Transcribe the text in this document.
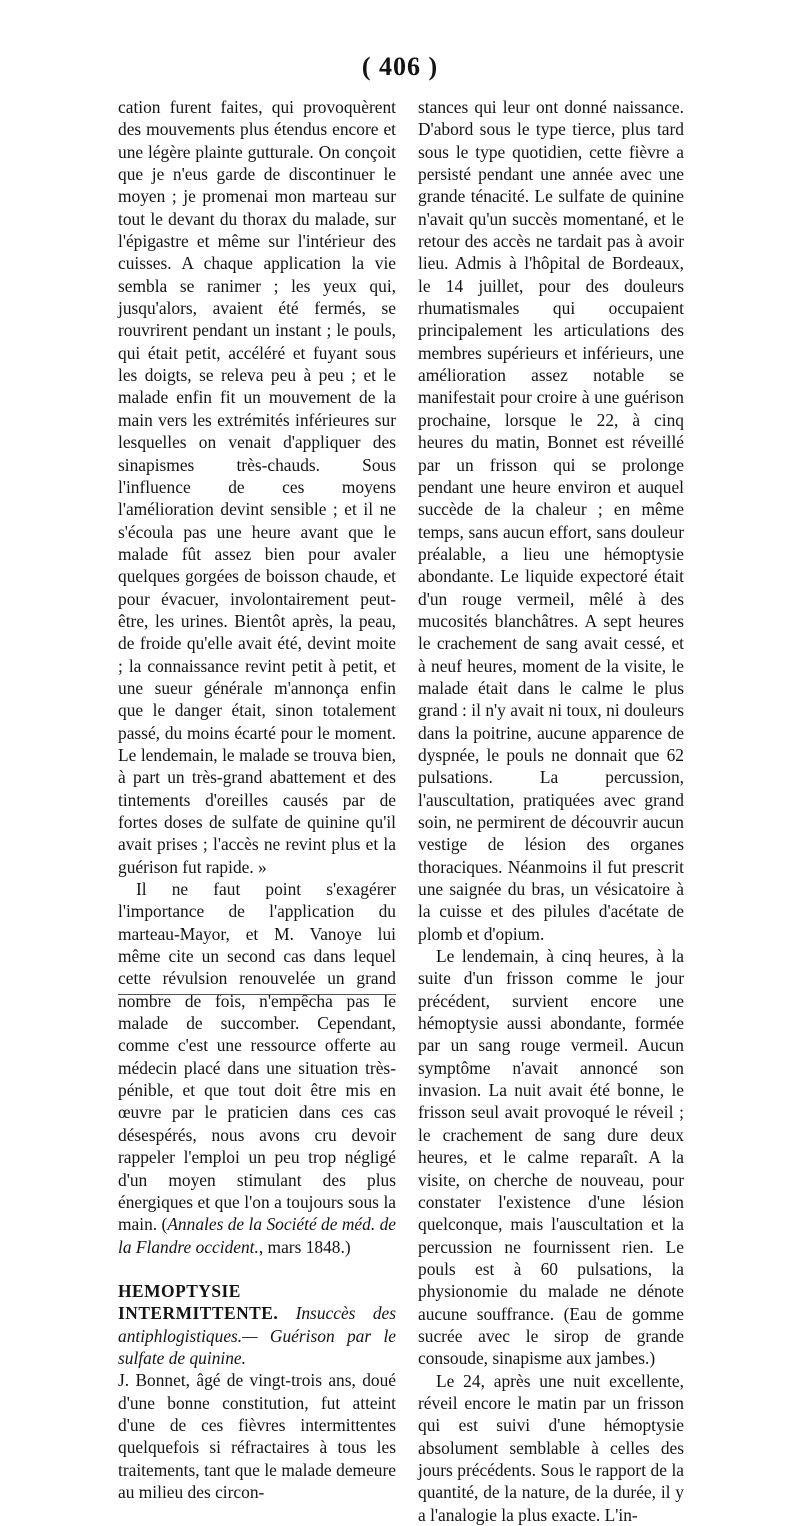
( 406 )

cation furent faites, qui provoquèrent des mouvements plus étendus encore et une légère plainte gutturale. On conçoit que je n'eus garde de discontinuer le moyen ; je promenai mon marteau sur tout le devant du thorax du malade, sur l'épigastre et même sur l'intérieur des cuisses. A chaque application la vie sembla se ranimer ; les yeux qui, jusqu'alors, avaient été fermés, se rouvrirent pendant un instant ; le pouls, qui était petit, accéléré et fuyant sous les doigts, se releva peu à peu ; et le malade enfin fit un mouvement de la main vers les extrémités inférieures sur lesquelles on venait d'appliquer des sinapismes très-chauds. Sous l'influence de ces moyens l'amélioration devint sensible ; et il ne s'écoula pas une heure avant que le malade fût assez bien pour avaler quelques gorgées de boisson chaude, et pour évacuer, involontairement peut-être, les urines. Bientôt après, la peau, de froide qu'elle avait été, devint moite ; la connaissance revint petit à petit, et une sueur générale m'annonça enfin que le danger était, sinon totalement passé, du moins écarté pour le moment. Le lendemain, le malade se trouva bien, à part un très-grand abattement et des tintements d'oreilles causés par de fortes doses de sulfate de quinine qu'il avait prises ; l'accès ne revint plus et la guérison fut rapide. »

Il ne faut point s'exagérer l'importance de l'application du marteau-Mayor, et M. Vanoye lui même cite un second cas dans lequel cette révulsion renouvelée un grand nombre de fois, n'empêcha pas le malade de succomber. Cependant, comme c'est une ressource offerte au médecin placé dans une situation très-pénible, et que tout doit être mis en œuvre par le praticien dans ces cas désespérés, nous avons cru devoir rappeler l'emploi un peu trop négligé d'un moyen stimulant des plus énergiques et que l'on a toujours sous la main. (Annales de la Société de méd. de la Flandre occident., mars 1848.)

HEMOPTYSIE INTERMITTENTE. Insuccès des antiphlogistiques.— Guérison par le sulfate de quinine.

J. Bonnet, âgé de vingt-trois ans, doué d'une bonne constitution, fut atteint d'une de ces fièvres intermittentes quelquefois si réfractaires à tous les traitements, tant que le malade demeure au milieu des circon-

stances qui leur ont donné naissance. D'abord sous le type tierce, plus tard sous le type quotidien, cette fièvre a persisté pendant une année avec une grande ténacité. Le sulfate de quinine n'avait qu'un succès momentané, et le retour des accès ne tardait pas à avoir lieu. Admis à l'hôpital de Bordeaux, le 14 juillet, pour des douleurs rhumatismales qui occupaient principalement les articulations des membres supérieurs et inférieurs, une amélioration assez notable se manifestait pour croire à une guérison prochaine, lorsque le 22, à cinq heures du matin, Bonnet est réveillé par un frisson qui se prolonge pendant une heure environ et auquel succède de la chaleur ; en même temps, sans aucun effort, sans douleur préalable, a lieu une hémoptysie abondante. Le liquide expectoré était d'un rouge vermeil, mêlé à des mucosités blanchâtres. A sept heures le crachement de sang avait cessé, et à neuf heures, moment de la visite, le malade était dans le calme le plus grand : il n'y avait ni toux, ni douleurs dans la poitrine, aucune apparence de dyspnée, le pouls ne donnait que 62 pulsations. La percussion, l'auscultation, pratiquées avec grand soin, ne permirent de découvrir aucun vestige de lésion des organes thoraciques. Néanmoins il fut prescrit une saignée du bras, un vésicatoire à la cuisse et des pilules d'acétate de plomb et d'opium.

Le lendemain, à cinq heures, à la suite d'un frisson comme le jour précédent, survient encore une hémoptysie aussi abondante, formée par un sang rouge vermeil. Aucun symptôme n'avait annoncé son invasion. La nuit avait été bonne, le frisson seul avait provoqué le réveil ; le crachement de sang dure deux heures, et le calme reparaît. A la visite, on cherche de nouveau, pour constater l'existence d'une lésion quelconque, mais l'auscultation et la percussion ne fournissent rien. Le pouls est à 60 pulsations, la physionomie du malade ne dénote aucune souffrance. (Eau de gomme sucrée avec le sirop de grande consoude, sinapisme aux jambes.)

Le 24, après une nuit excellente, réveil encore le matin par un frisson qui est suivi d'une hémoptysie absolument semblable à celles des jours précédents. Sous le rapport de la quantité, de la nature, de la durée, il y a l'analogie la plus exacte. L'in-
